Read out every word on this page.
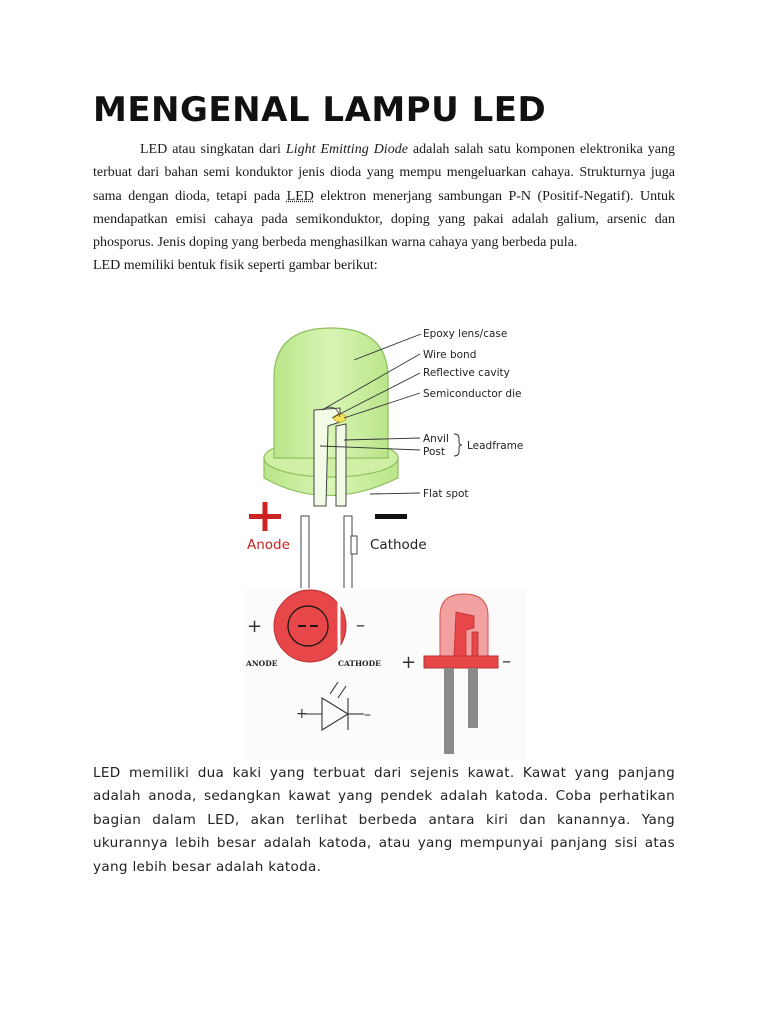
MENGENAL LAMPU LED

LED atau singkatan dari Light Emitting Diode adalah salah satu komponen elektronika yang terbuat dari bahan semi konduktor jenis dioda yang mempu mengeluarkan cahaya. Strukturnya juga sama dengan dioda, tetapi pada LED elektron menerjang sambungan P-N (Positif-Negatif). Untuk mendapatkan emisi cahaya pada semikonduktor, doping yang pakai adalah galium, arsenic dan phosporus. Jenis doping yang berbeda menghasilkan warna cahaya yang berbeda pula.
LED memiliki bentuk fisik seperti gambar berikut:

Epoxy lens/case
Wire bond
Reflective cavity
Semiconductor die
Anvil
Post Leadframe
Flat spot
Anode	Cathode
+	–
ANODE	CATHODE
+	–
+	–

LED memiliki dua kaki yang terbuat dari sejenis kawat. Kawat yang panjang adalah anoda, sedangkan kawat yang pendek adalah katoda. Coba perhatikan bagian dalam LED, akan terlihat berbeda antara kiri dan kanannya. Yang ukurannya lebih besar adalah katoda, atau yang mempunyai panjang sisi atas yang lebih besar adalah katoda.
